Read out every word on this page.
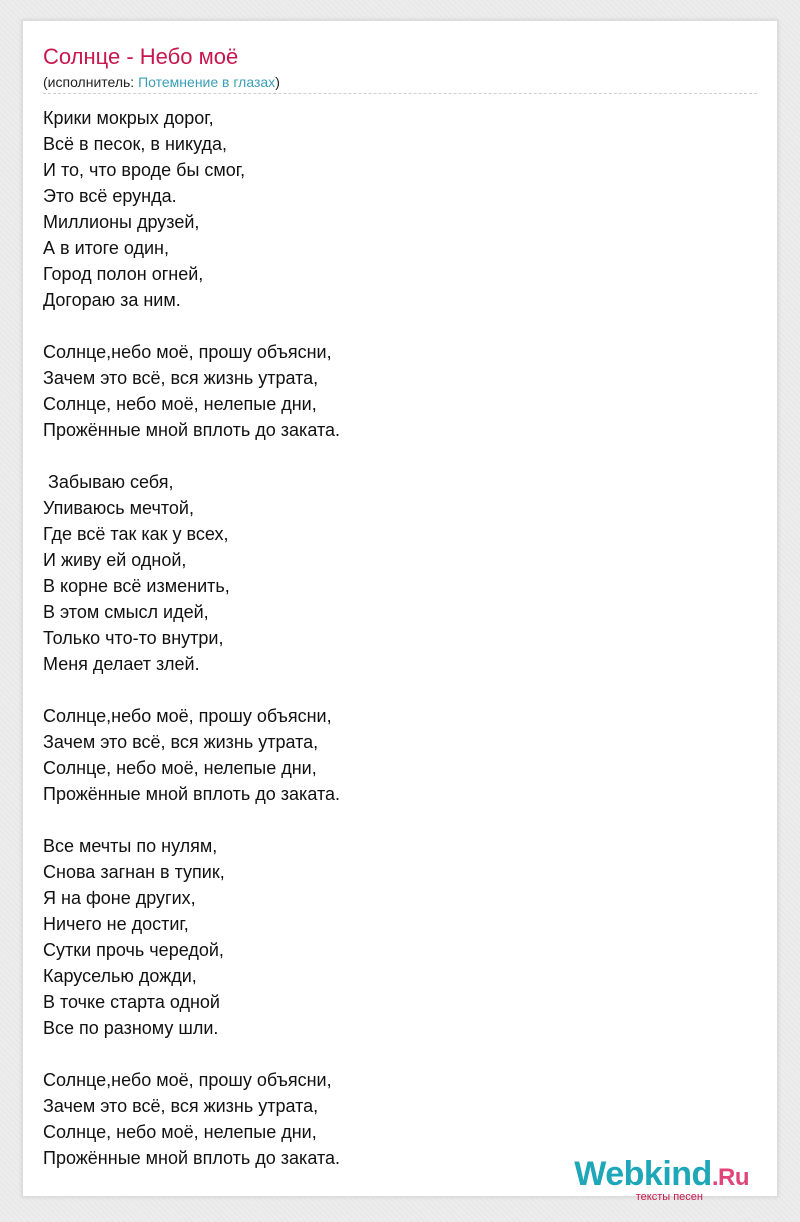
Солнце - Небо моё
(исполнитель: Потемнение в глазах)
Крики мокрых дорог,
Всё в песок, в никуда,
И то, что вроде бы смог,
Это всё ерунда.
Миллионы друзей,
А в итоге один,
Город полон огней,
Догораю за ним.
Солнце,небо моё, прошу объясни,
Зачем это всё, вся жизнь утрата,
Солнце, небо моё, нелепые дни,
Прожённые мной вплоть до заката.
Забываю себя,
Упиваюсь мечтой,
Где всё так как у всех,
И живу ей одной,
В корне всё изменить,
В этом смысл идей,
Только что-то внутри,
Меня делает злей.
Солнце,небо моё, прошу объясни,
Зачем это всё, вся жизнь утрата,
Солнце, небо моё, нелепые дни,
Прожённые мной вплоть до заката.
Все мечты по нулям,
Снова загнан в тупик,
Я на фоне других,
Ничего не достиг,
Сутки прочь чередой,
Каруселью дожди,
В точке старта одной
Все по разному шли.
Солнце,небо моё, прошу объясни,
Зачем это всё, вся жизнь утрата,
Солнце, небо моё, нелепые дни,
Прожённые мной вплоть до заката.	Webkind.Ru
тексты песен
